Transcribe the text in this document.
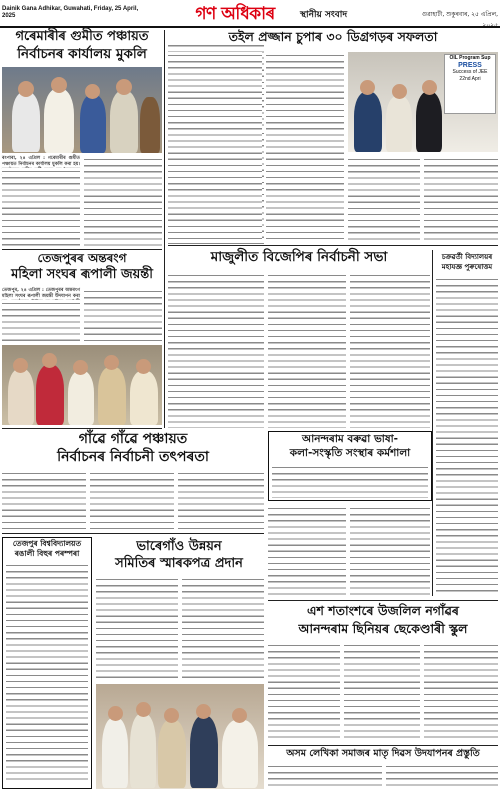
Dainik Gana Adhikar, Guwahati, Friday, 25 April, 2025	গণ অধিকাৰ	স্থানীয় সংবাদ	গুৱাহাটী, শুকুৰবাৰ, ২৫ এপ্ৰিল, ২০২৫
গৰেমাৰীৰ গুমীত পঞ্চায়ত
নিৰ্বাচনৰ কাৰ্যালয় মুকলি
ৰংপাৰা, ২৪ এপ্ৰিল : গৰেমাৰীৰ গুমীত পঞ্চায়ত নিৰ্বাচনৰ কাৰ্যালয় মুকলি কৰা হয়।
তেজপুৰৰ অন্তৰংগ
মহিলা সংঘৰ ৰূপালী জয়ন্তী
তেজপুৰ, ২৪ এপ্ৰিল : তেজপুৰৰ অন্তৰংগ মহিলা সংঘৰ ৰূপালী জয়ন্তী উদযাপন কৰা
গাঁৱে গাঁৱে পঞ্চায়ত
নিৰ্বাচনৰ নিৰ্বাচনী তৎপৰতা
তেজপুৰ বিশ্ববিদ্যালয়ত
ৰঙালী বিহুৰ পৰম্পৰা	ভাৰেগাঁও উন্নয়ন
সমিতিৰ স্মাৰকপত্ৰ প্ৰদান
তইল প্ৰজ্জান চুপাৰ ৩০ ডিগ্ৰগড়ৰ সফলতা
OIL Program Sup
PRESS
Success of JEE
22nd Apri
মাজুলীত বিজেপিৰ নিৰ্বাচনী সভা
আনন্দৰাম বৰুৱা ভাষা-
কলা-সংস্কৃতি সংস্থাৰ কৰ্মশালা
চক্ৰৱৰ্তী বিদ্যালয়ৰ
মহাযজ্ঞ পুৰুষোত্তম
এশ শতাংশৰে উজলিল নগাঁৱৰ
আনন্দৰাম ছিনিয়ৰ ছেকেণ্ডাৰী স্কুল
অসম লেখিকা সমাজৰ মাতৃ দিৱস উদযাপনৰ প্ৰস্তুতি
